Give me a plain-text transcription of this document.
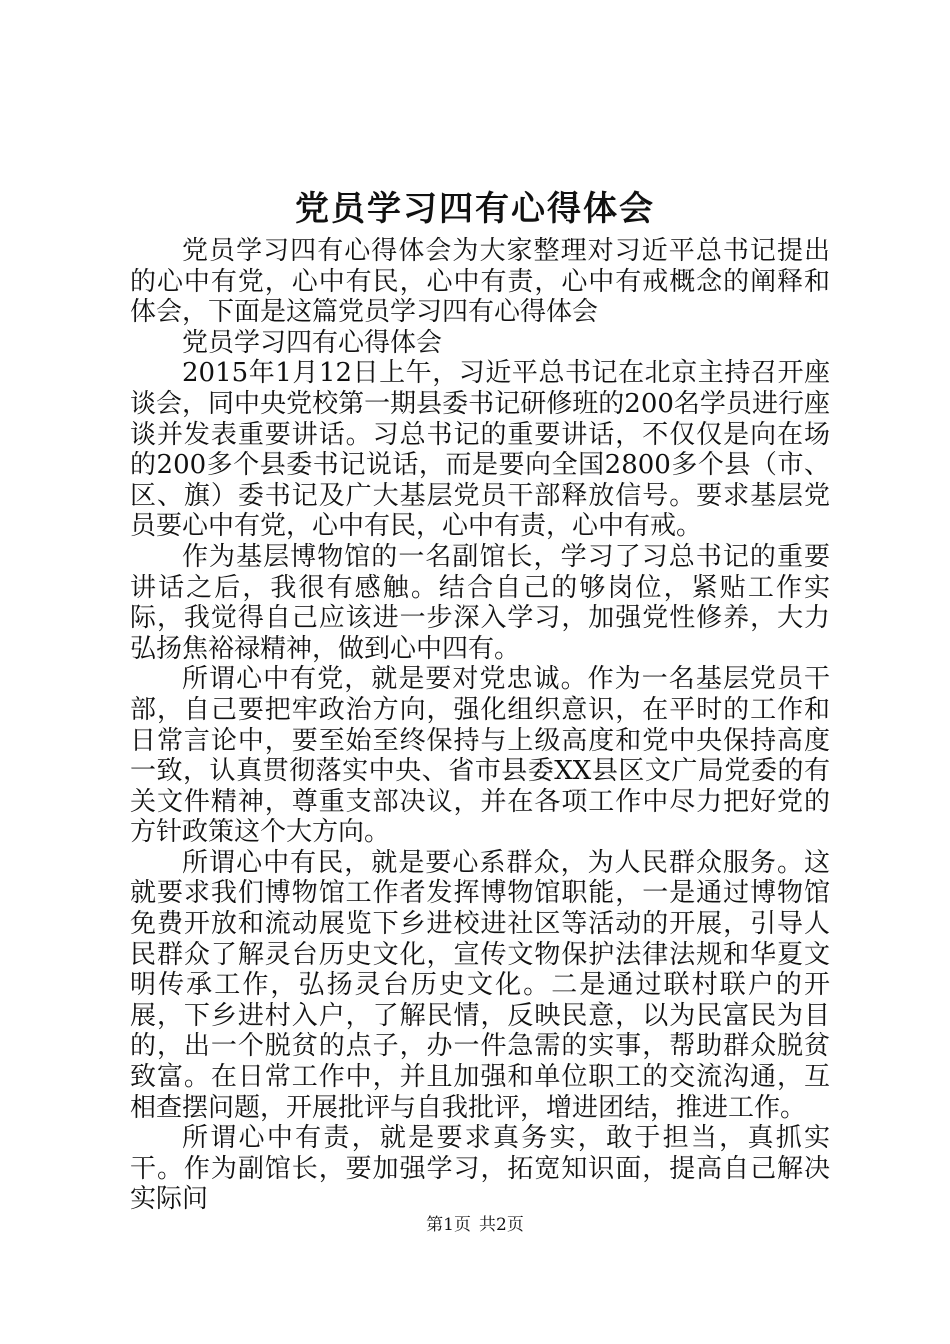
党员学习四有心得体会

党员学习四有心得体会为大家整理对习近平总书记提出的心中有党，心中有民，心中有责，心中有戒概念的阐释和体会，下面是这篇党员学习四有心得体会

党员学习四有心得体会

2015年1月12日上午，习近平总书记在北京主持召开座谈会，同中央党校第一期县委书记研修班的200名学员进行座谈并发表重要讲话。习总书记的重要讲话，不仅仅是向在场的200多个县委书记说话，而是要向全国2800多个县（市、区、旗）委书记及广大基层党员干部释放信号。要求基层党员要心中有党，心中有民，心中有责，心中有戒。

作为基层博物馆的一名副馆长，学习了习总书记的重要讲话之后，我很有感触。结合自己的够岗位，紧贴工作实际，我觉得自己应该进一步深入学习，加强党性修养，大力弘扬焦裕禄精神，做到心中四有。

所谓心中有党，就是要对党忠诚。作为一名基层党员干部，自己要把牢政治方向，强化组织意识，在平时的工作和日常言论中，要至始至终保持与上级高度和党中央保持高度一致，认真贯彻落实中央、省市县委XX县区文广局党委的有关文件精神，尊重支部决议，并在各项工作中尽力把好党的方针政策这个大方向。

所谓心中有民，就是要心系群众，为人民群众服务。这就要求我们博物馆工作者发挥博物馆职能，一是通过博物馆免费开放和流动展览下乡进校进社区等活动的开展，引导人民群众了解灵台历史文化，宣传文物保护法律法规和华夏文明传承工作，弘扬灵台历史文化。二是通过联村联户的开展，下乡进村入户，了解民情，反映民意，以为民富民为目的，出一个脱贫的点子，办一件急需的实事，帮助群众脱贫致富。在日常工作中，并且加强和单位职工的交流沟通，互相查摆问题，开展批评与自我批评，增进团结，推进工作。

所谓心中有责，就是要求真务实，敢于担当，真抓实干。作为副馆长，要加强学习，拓宽知识面，提高自己解决实际问

第1页 共2页
